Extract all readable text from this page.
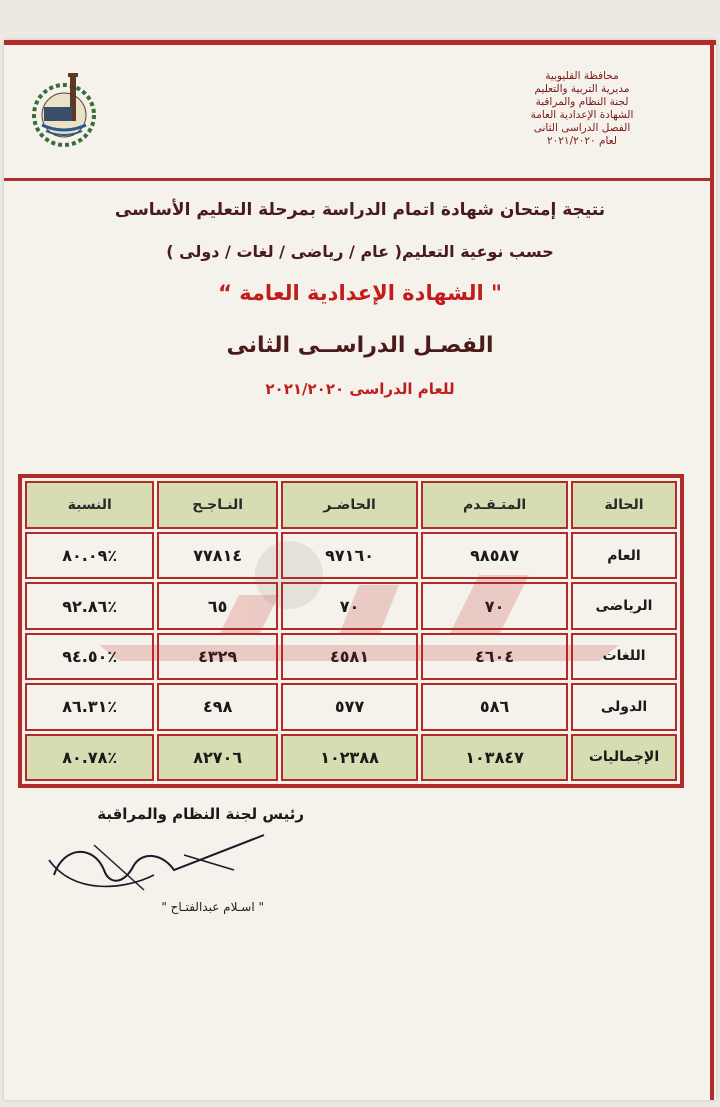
محافظة القليوبية
مديرية التربية والتعليم
لجنة النظام والمراقبة
الشهادة الإعدادية العامة
الفصل الدراسى الثانى
لعام ٢٠٢١/٢٠٢٠
نتيجة إمتحان شهادة اتمام الدراسة بمرحلة التعليم الأساسى
حسب نوعية التعليم( عام / رياضى / لغات / دولى )
" الشهادة الإعدادية العامة “
الفصـل الدراســى الثانى
للعام الدراسى ٢٠٢١/٢٠٢٠
الحالة	المتـقـدم	الحاضـر	النـاجـح	النسبة
العام	٩٨٥٨٧	٩٧١٦٠	٧٧٨١٤	٪٨٠.٠٩
الرياضى	٧٠	٧٠	٦٥	٪٩٢.٨٦
اللغات	٤٦٠٤	٤٥٨١	٤٣٢٩	٪٩٤.٥٠
الدولى	٥٨٦	٥٧٧	٤٩٨	٪٨٦.٣١
الإجماليات	١٠٣٨٤٧	١٠٢٣٨٨	٨٢٧٠٦	٪٨٠.٧٨
رئيس لجنة النظام والمراقبة
" اسـلام عبدالفتـاح "
